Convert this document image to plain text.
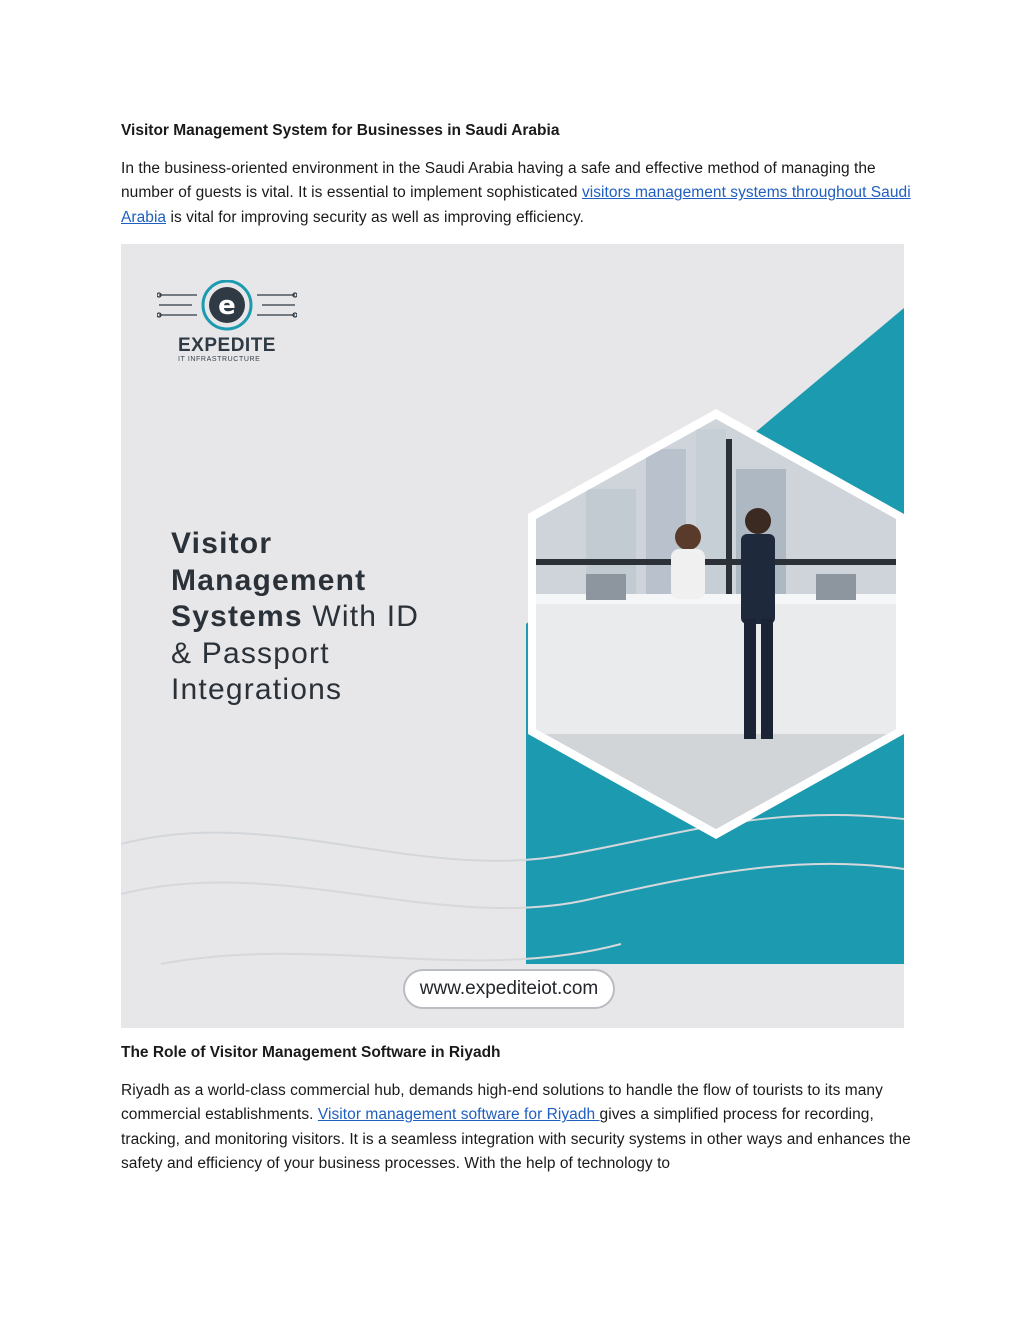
Visitor Management System for Businesses in Saudi Arabia

In the business-oriented environment in the Saudi Arabia having a safe and effective method of managing the number of guests is vital. It is essential to implement sophisticated visitors management systems throughout Saudi Arabia is vital for improving security as well as improving efficiency.

The Role of Visitor Management Software in Riyadh

Riyadh as a world-class commercial hub, demands high-end solutions to handle the flow of tourists to its many commercial establishments. Visitor management software for Riyadh gives a simplified process for recording, tracking, and monitoring visitors. It is a seamless integration with security systems in other ways and enhances the safety and efficiency of your business processes. With the help of technology to

e
EXPEDITE
IT INFRASTRUCTURE
Visitor
Management
Systems With ID
& Passport
Integrations
www.expediteiot.com
